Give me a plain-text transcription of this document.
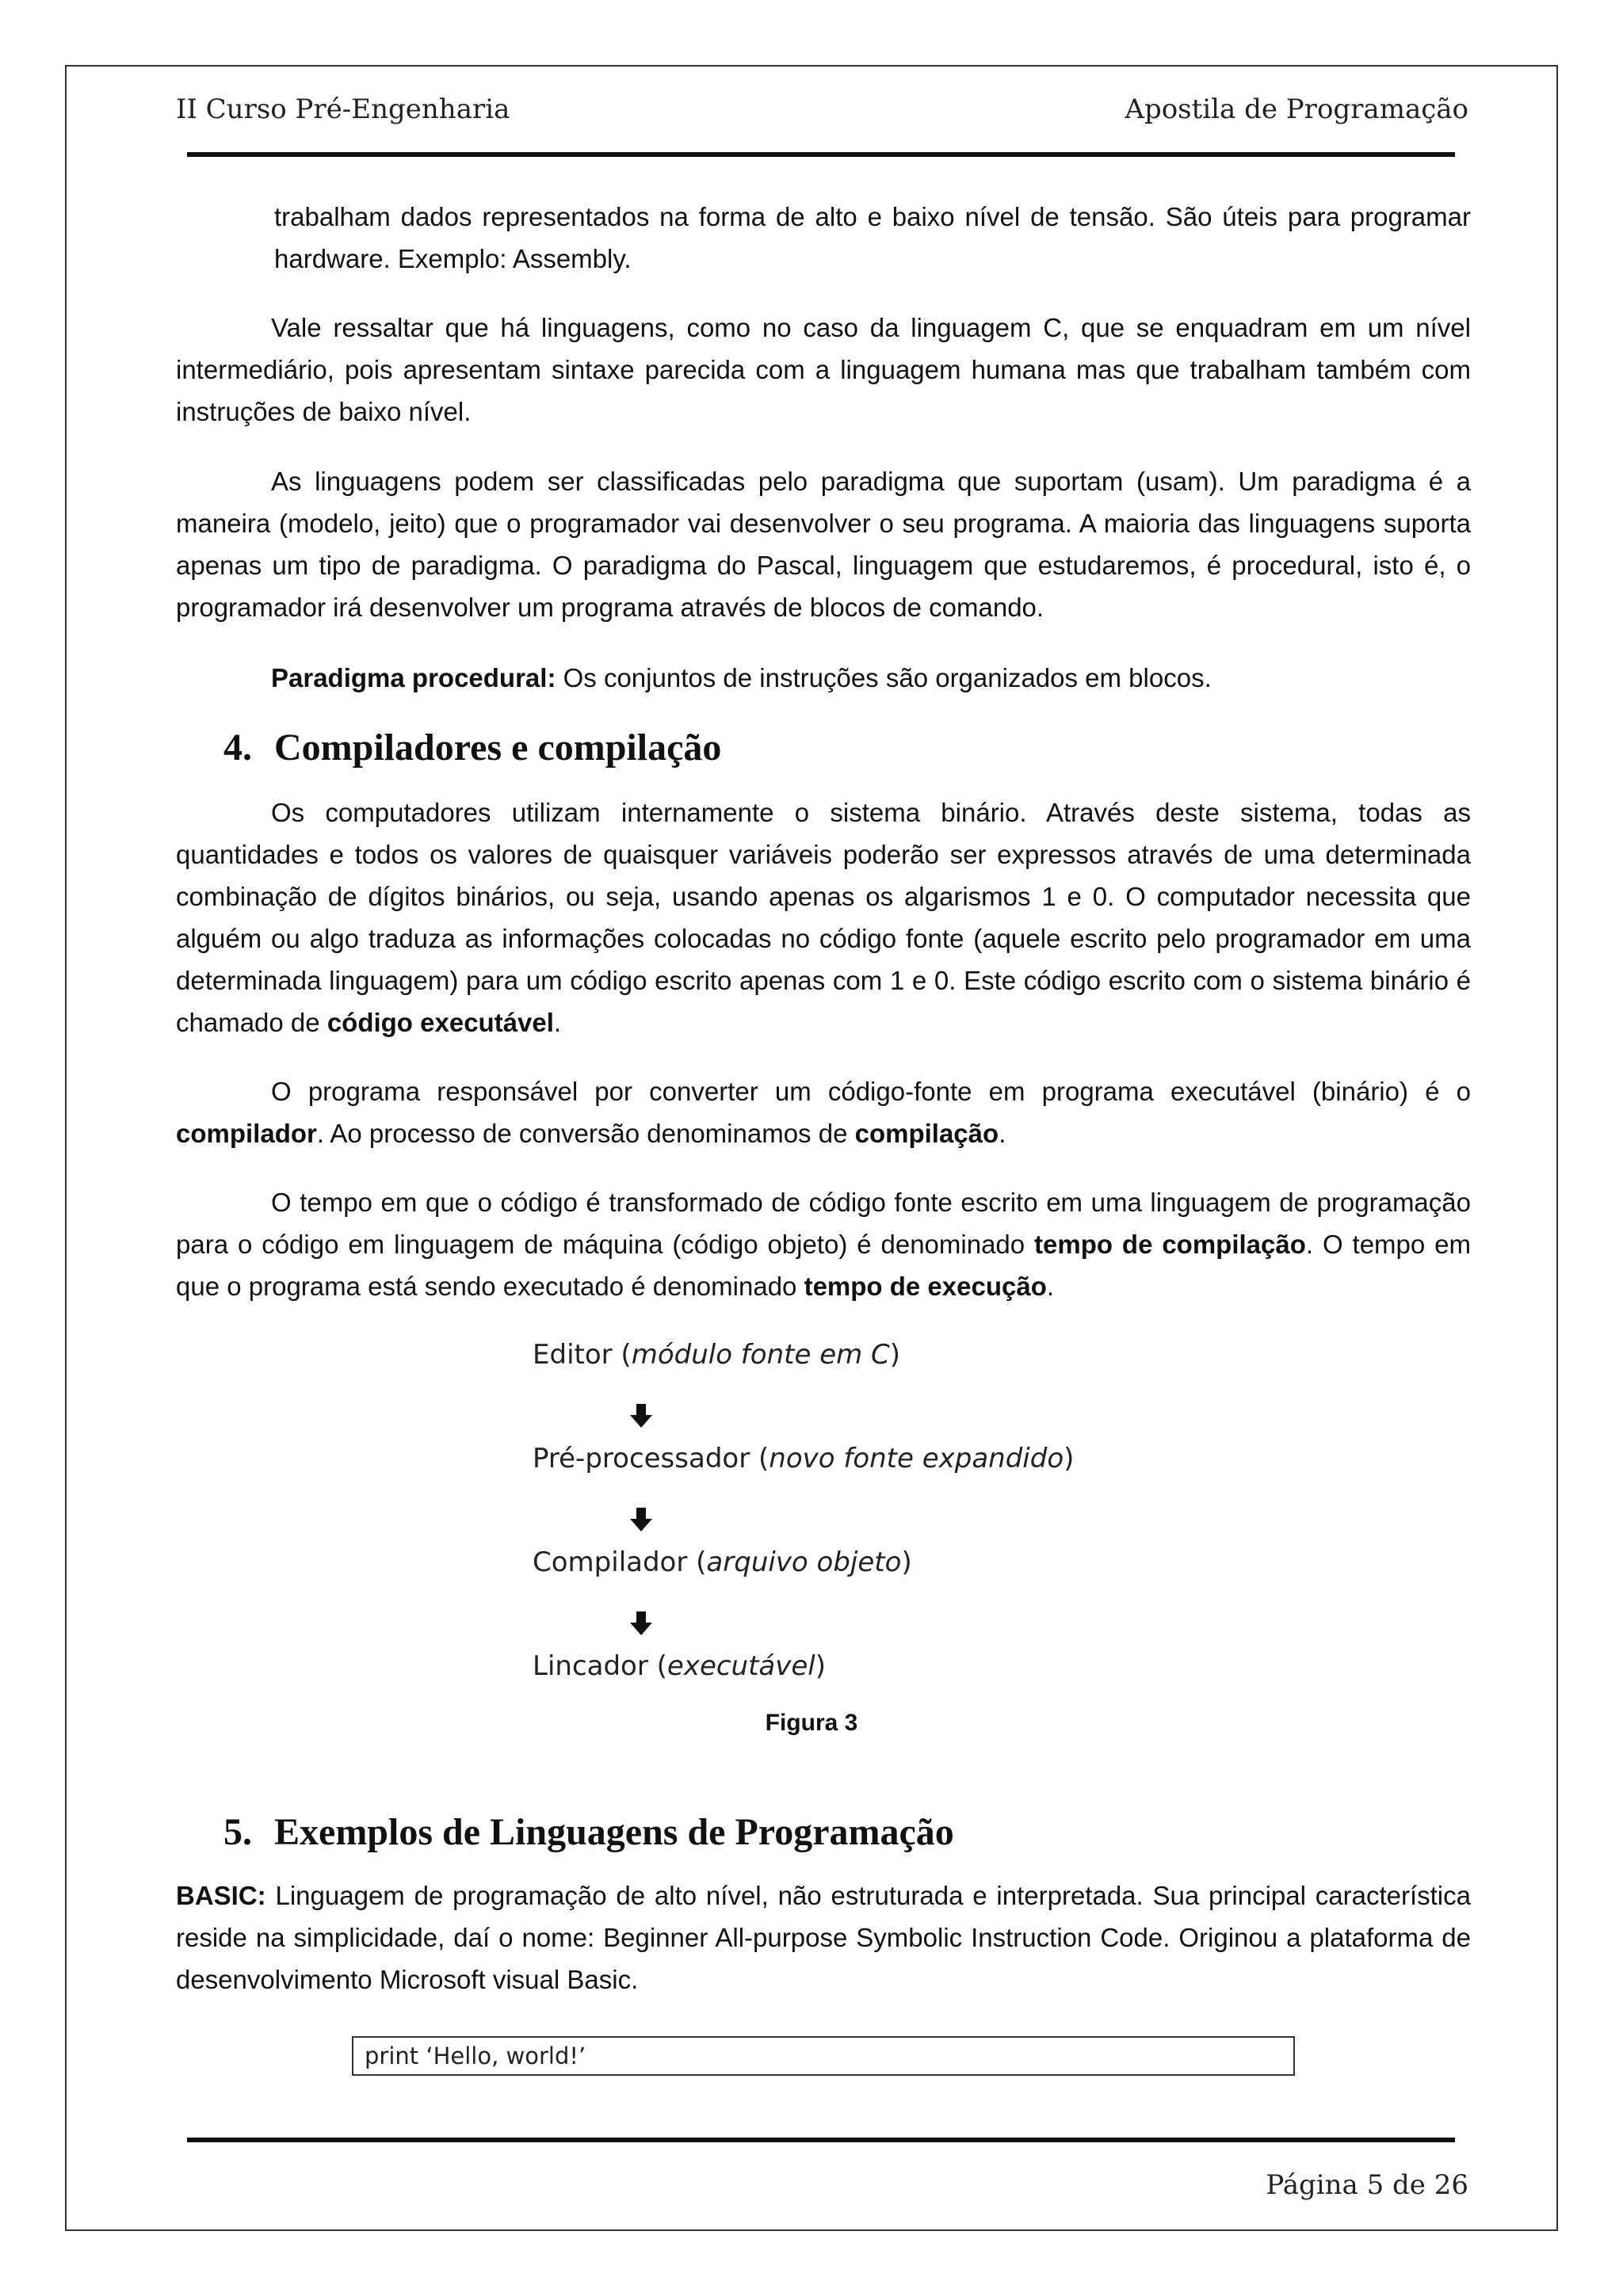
II Curso Pré-Engenharia	Apostila de Programação

trabalham dados representados na forma de alto e baixo nível de tensão. São úteis para programar hardware. Exemplo: Assembly.

Vale ressaltar que há linguagens, como no caso da linguagem C, que se enquadram em um nível intermediário, pois apresentam sintaxe parecida com a linguagem humana mas que trabalham também com instruções de baixo nível.

As linguagens podem ser classificadas pelo paradigma que suportam (usam). Um paradigma é a maneira (modelo, jeito) que o programador vai desenvolver o seu programa. A maioria das linguagens suporta apenas um tipo de paradigma. O paradigma do Pascal, linguagem que estudaremos, é procedural, isto é, o programador irá desenvolver um programa através de blocos de comando.

Paradigma procedural: Os conjuntos de instruções são organizados em blocos.

4. Compiladores e compilação

Os computadores utilizam internamente o sistema binário. Através deste sistema, todas as quantidades e todos os valores de quaisquer variáveis poderão ser expressos através de uma determinada combinação de dígitos binários, ou seja, usando apenas os algarismos 1 e 0. O computador necessita que alguém ou algo traduza as informações colocadas no código fonte (aquele escrito pelo programador em uma determinada linguagem) para um código escrito apenas com 1 e 0. Este código escrito com o sistema binário é chamado de código executável.

O programa responsável por converter um código-fonte em programa executável (binário) é o compilador. Ao processo de conversão denominamos de compilação.

O tempo em que o código é transformado de código fonte escrito em uma linguagem de programação para o código em linguagem de máquina (código objeto) é denominado tempo de compilação. O tempo em que o programa está sendo executado é denominado tempo de execução.

Editor (módulo fonte em C)
Pré-processador (novo fonte expandido)
Compilador (arquivo objeto)
Lincador (executável)
Figura 3
5. Exemplos de Linguagens de Programação

BASIC: Linguagem de programação de alto nível, não estruturada e interpretada. Sua principal característica reside na simplicidade, daí o nome: Beginner All-purpose Symbolic Instruction Code. Originou a plataforma de desenvolvimento Microsoft visual Basic.

print ‘Hello, world!’
Página 5 de 26
